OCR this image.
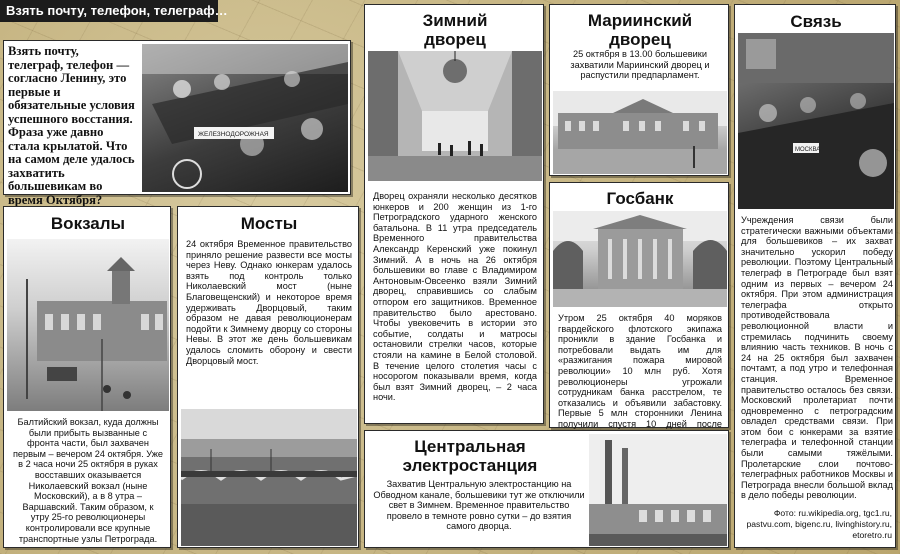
Взять почту, телефон, телеграф…
Взять почту, телеграф, телефон — согласно Ленину, это первые и обязательные условия успешного восстания. Фраза уже давно стала крылатой. Что на самом деле удалось захватить большевикам во время Октября?
ЖЕЛЕЗНОДОРОЖНАЯ
Вокзалы
Балтийский вокзал, куда должны были прибыть вызванные с фронта части, был захвачен первым – вечером 24 октября. Уже в 2 часа ночи 25 октября в руках восставших оказывается Николаевский вокзал (ныне Московский), а в 8 утра – Варшавский. Таким образом, к утру 25-го революционеры контролировали все крупные транспортные узлы Петрограда.
Мосты
24 октября Временное правительство приняло решение развести все мосты через Неву. Однако юнкерам удалось взять под контроль только Николаевский мост (ныне Благовещенский) и некоторое время удерживать Дворцовый, таким образом не давая революционерам подойти к Зимнему дворцу со стороны Невы. В этот же день большевикам удалось сломить оборону и свести Дворцовый мост.
Зимний дворец
Дворец охраняли несколько десятков юнкеров и 200 женщин из 1-го Петроградского ударного женского батальона. В 11 утра председатель Временного правительства Александр Керенский уже покинул Зимний. А в ночь на 26 октября большевики во главе с Владимиром Антоновым-Овсеенко взяли Зимний дворец, справившись со слабым отпором его защитников. Временное правительство было арестовано. Чтобы увековечить в истории это событие, солдаты и матросы остановили стрелки часов, которые стояли на камине в Белой столовой. В течение целого столетия часы с носорогом показывали время, когда был взят Зимний дворец, – 2 часа ночи.
Мариинский дворец
25 октября в 13.00 большевики захватили Мариинский дворец и распустили предпарламент.
Связь
МОСКВА
Учреждения связи были стратегически важными объектами для большевиков – их захват значительно ускорил победу революции. Поэтому Центральный телеграф в Петрограде был взят одним из первых – вечером 24 октября. При этом администрация телеграфа открыто противодействовала революционной власти и стремилась подчинить своему влиянию часть техников. В ночь с 24 на 25 октября был захвачен почтамт, а под утро и телефонная станция. Временное правительство осталось без связи. Московский пролетариат почти одновременно с петроградским овладел средствами связи. При этом бои с юнкерами за взятие телеграфа и телефонной станции были самыми тяжёлыми. Пролетарские слои почтово-телеграфных работников Москвы и Петрограда внесли большой вклад в дело победы революции.
Госбанк
Утром 25 октября 40 моряков гвардейского флотского экипажа проникли в здание Госбанка и потребовали выдать им для «разжигания пожара мировой революции» 10 млн руб. Хотя революционеры угрожали сотрудникам банка расстрелом, те отказались и объявили забастовку. Первые 5 млн сторонники Ленина получили спустя 10 дней после
Центральная электростанция
Захватив Центральную электростанцию на Обводном канале, большевики тут же отключили свет в Зимнем. Временное правительство провело в темноте ровно сутки – до взятия самого дворца.
Фото: ru.wikipedia.org, tgc1.ru,
pastvu.com, bigenc.ru, livinghistory.ru,
etoretro.ru
